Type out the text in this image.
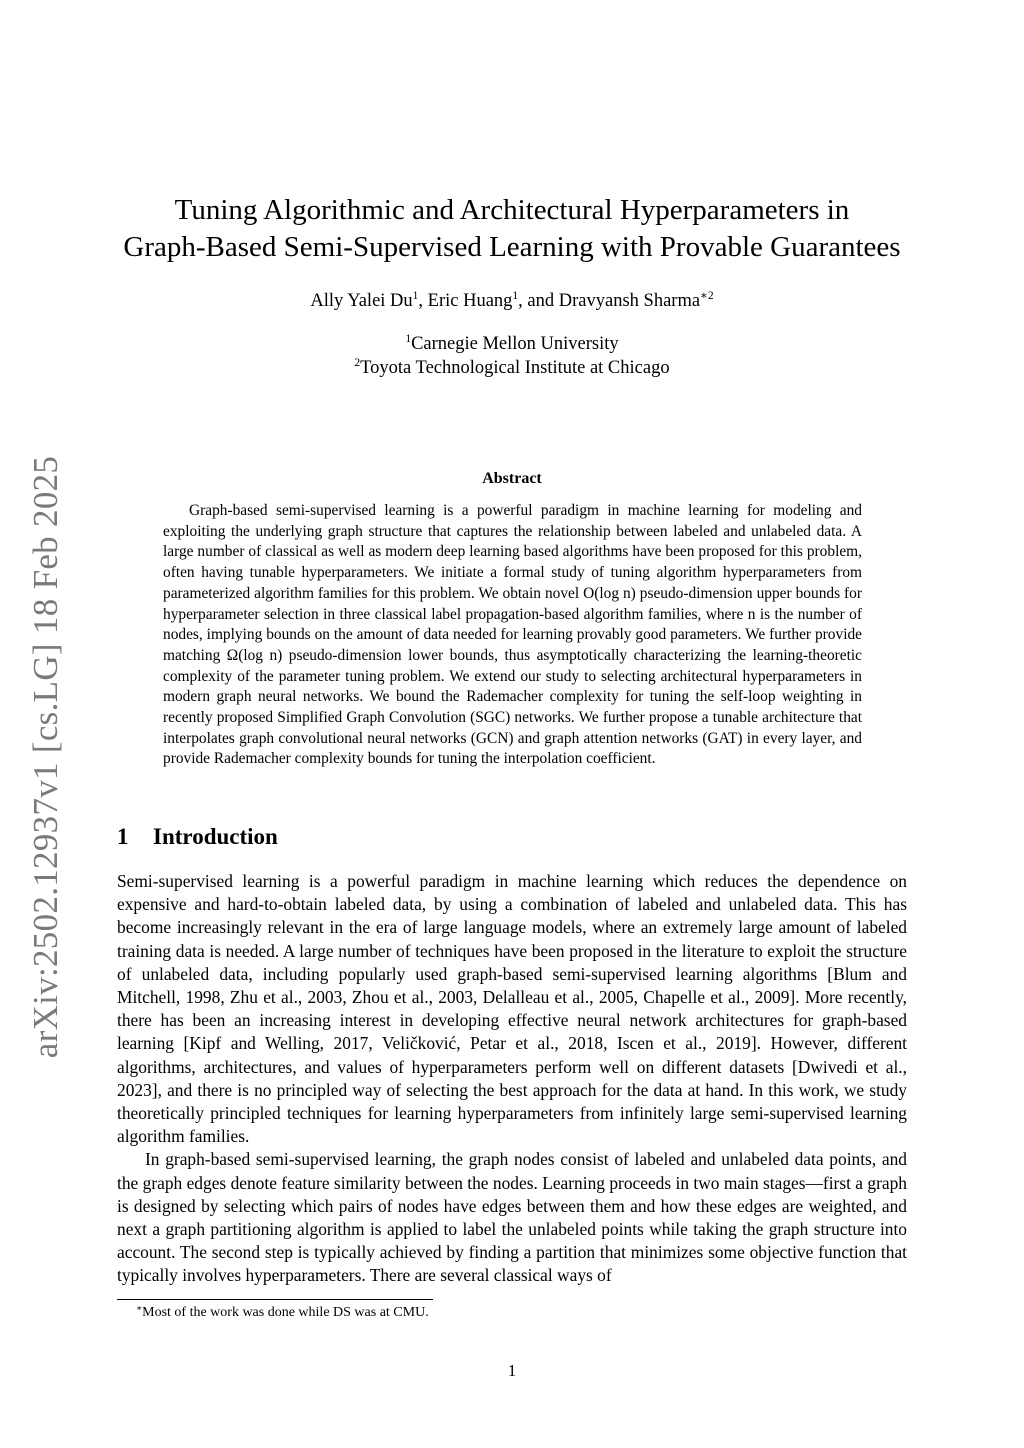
arXiv:2502.12937v1 [cs.LG] 18 Feb 2025
Tuning Algorithmic and Architectural Hyperparameters in
Graph-Based Semi-Supervised Learning with Provable Guarantees
Ally Yalei Du$^1$, Eric Huang$^1$, and Dravyansh Sharma$^{∗2}$
$^1$Carnegie Mellon University
$^2$Toyota Technological Institute at Chicago
Abstract

Graph-based semi-supervised learning is a powerful paradigm in machine learning for modeling and exploiting the underlying graph structure that captures the relationship between labeled and unlabeled data. A large number of classical as well as modern deep learning based algorithms have been proposed for this problem, often having tunable hyperparameters. We initiate a formal study of tuning algorithm hyperparameters from parameterized algorithm families for this problem. We obtain novel O(log n) pseudo-dimension upper bounds for hyperparameter selection in three classical label propagation-based algorithm families, where n is the number of nodes, implying bounds on the amount of data needed for learning provably good parameters. We further provide matching Ω(log n) pseudo-dimension lower bounds, thus asymptotically characterizing the learning-theoretic complexity of the parameter tuning problem. We extend our study to selecting architectural hyperparameters in modern graph neural networks. We bound the Rademacher complexity for tuning the self-loop weighting in recently proposed Simplified Graph Convolution (SGC) networks. We further propose a tunable architecture that interpolates graph convolutional neural networks (GCN) and graph attention networks (GAT) in every layer, and provide Rademacher complexity bounds for tuning the interpolation coefficient.

1 Introduction

Semi-supervised learning is a powerful paradigm in machine learning which reduces the dependence on expensive and hard-to-obtain labeled data, by using a combination of labeled and unlabeled data. This has become increasingly relevant in the era of large language models, where an extremely large amount of labeled training data is needed. A large number of techniques have been proposed in the literature to exploit the structure of unlabeled data, including popularly used graph-based semi-supervised learning algorithms [Blum and Mitchell, 1998, Zhu et al., 2003, Zhou et al., 2003, Delalleau et al., 2005, Chapelle et al., 2009]. More recently, there has been an increasing interest in developing effective neural network architectures for graph-based learning [Kipf and Welling, 2017, Veličković, Petar et al., 2018, Iscen et al., 2019]. However, different algorithms, architectures, and values of hyperparameters perform well on different datasets [Dwivedi et al., 2023], and there is no principled way of selecting the best approach for the data at hand. In this work, we study theoretically principled techniques for learning hyperparameters from infinitely large semi-supervised learning algorithm families.

In graph-based semi-supervised learning, the graph nodes consist of labeled and unlabeled data points, and the graph edges denote feature similarity between the nodes. Learning proceeds in two main stages—first a graph is designed by selecting which pairs of nodes have edges between them and how these edges are weighted, and next a graph partitioning algorithm is applied to label the unlabeled points while taking the graph structure into account. The second step is typically achieved by finding a partition that minimizes some objective function that typically involves hyperparameters. There are several classical ways of

∗Most of the work was done while DS was at CMU.
1
